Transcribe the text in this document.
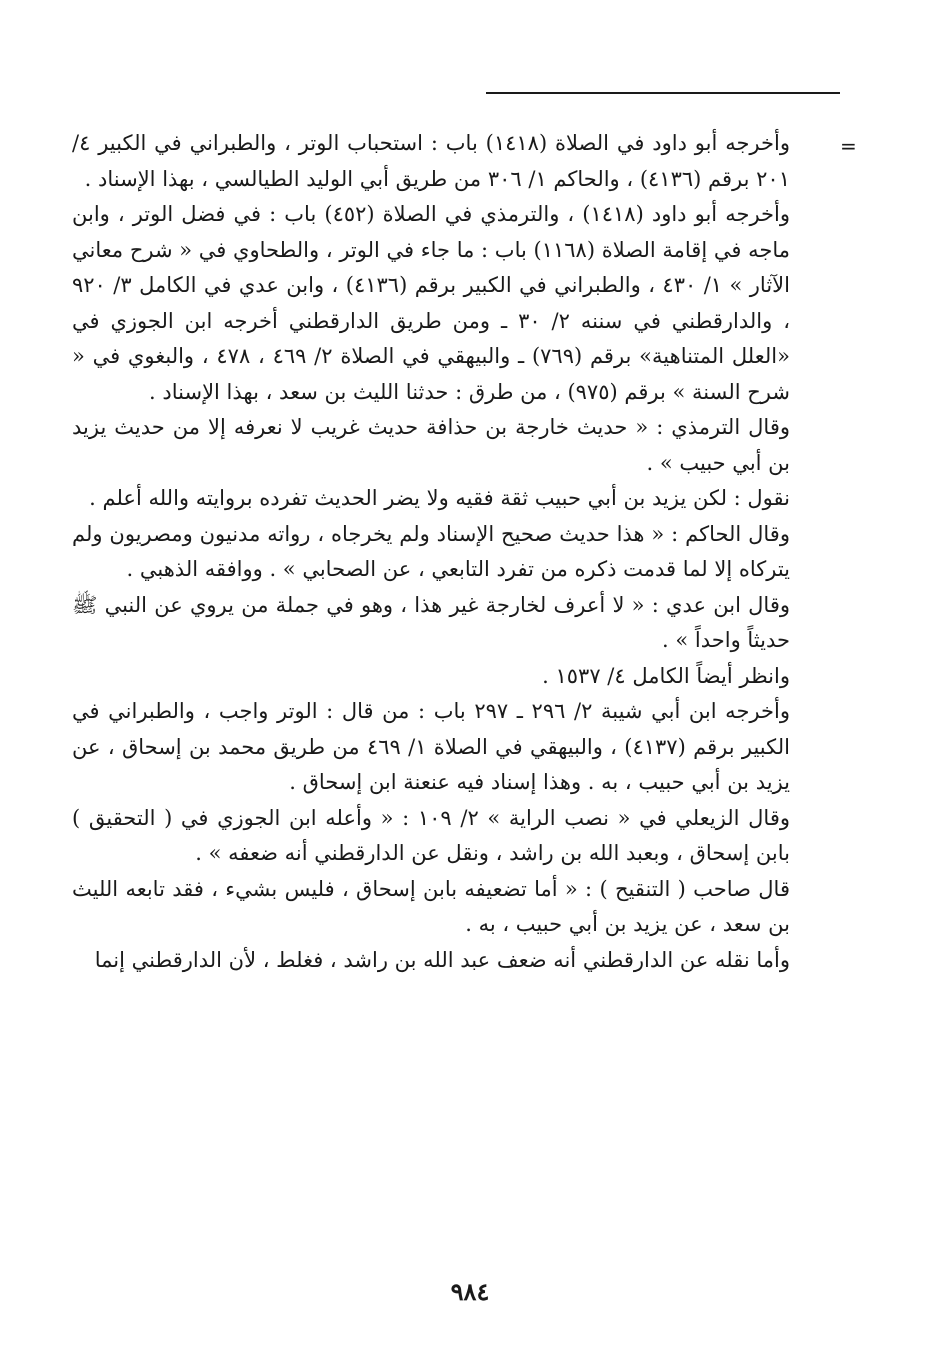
=

وأخرجه أبو داود في الصلاة (١٤١٨) باب : استحباب الوتر ، والطبراني في الكبير ٤/ ٢٠١ برقم (٤١٣٦) ، والحاكم ١/ ٣٠٦ من طريق أبي الوليد الطيالسي ، بهذا الإسناد .

وأخرجه أبو داود (١٤١٨) ، والترمذي في الصلاة (٤٥٢) باب : في فضل الوتر ، وابن ماجه في إقامة الصلاة (١١٦٨) باب : ما جاء في الوتر ، والطحاوي في « شرح معاني الآثار » ١/ ٤٣٠ ، والطبراني في الكبير برقم (٤١٣٦) ، وابن عدي في الكامل ٣/ ٩٢٠ ، والدارقطني في سننه ٢/ ٣٠ ـ ومن طريق الدارقطني أخرجه ابن الجوزي في «العلل المتناهية» برقم (٧٦٩) ـ والبيهقي في الصلاة ٢/ ٤٦٩ ، ٤٧٨ ، والبغوي في « شرح السنة » برقم (٩٧٥) ، من طرق : حدثنا الليث بن سعد ، بهذا الإسناد .

وقال الترمذي : « حديث خارجة بن حذافة حديث غريب لا نعرفه إلا من حديث يزيد بن أبي حبيب » .

نقول : لكن يزيد بن أبي حبيب ثقة فقيه ولا يضر الحديث تفرده بروايته والله أعلم .

وقال الحاكم : « هذا حديث صحيح الإسناد ولم يخرجاه ، رواته مدنيون ومصريون ولم يتركاه إلا لما قدمت ذكره من تفرد التابعي ، عن الصحابي » . ووافقه الذهبي .

وقال ابن عدي : « لا أعرف لخارجة غير هذا ، وهو في جملة من يروي عن النبي ﷺ حديثاً واحداً » .

وانظر أيضاً الكامل ٤/ ١٥٣٧ .

وأخرجه ابن أبي شيبة ٢/ ٢٩٦ ـ ٢٩٧ باب : من قال : الوتر واجب ، والطبراني في الكبير برقم (٤١٣٧) ، والبيهقي في الصلاة ١/ ٤٦٩ من طريق محمد بن إسحاق ، عن يزيد بن أبي حبيب ، به . وهذا إسناد فيه عنعنة ابن إسحاق .

وقال الزيعلي في « نصب الراية » ٢/ ١٠٩ : « وأعله ابن الجوزي في ( التحقيق ) بابن إسحاق ، وبعبد الله بن راشد ، ونقل عن الدارقطني أنه ضعفه » .

قال صاحب ( التنقيح ) : « أما تضعيفه بابن إسحاق ، فليس بشيء ، فقد تابعه الليث بن سعد ، عن يزيد بن أبي حبيب ، به .

وأما نقله عن الدارقطني أنه ضعف عبد الله بن راشد ، فغلط ، لأن الدارقطني إنما

٩٨٤
